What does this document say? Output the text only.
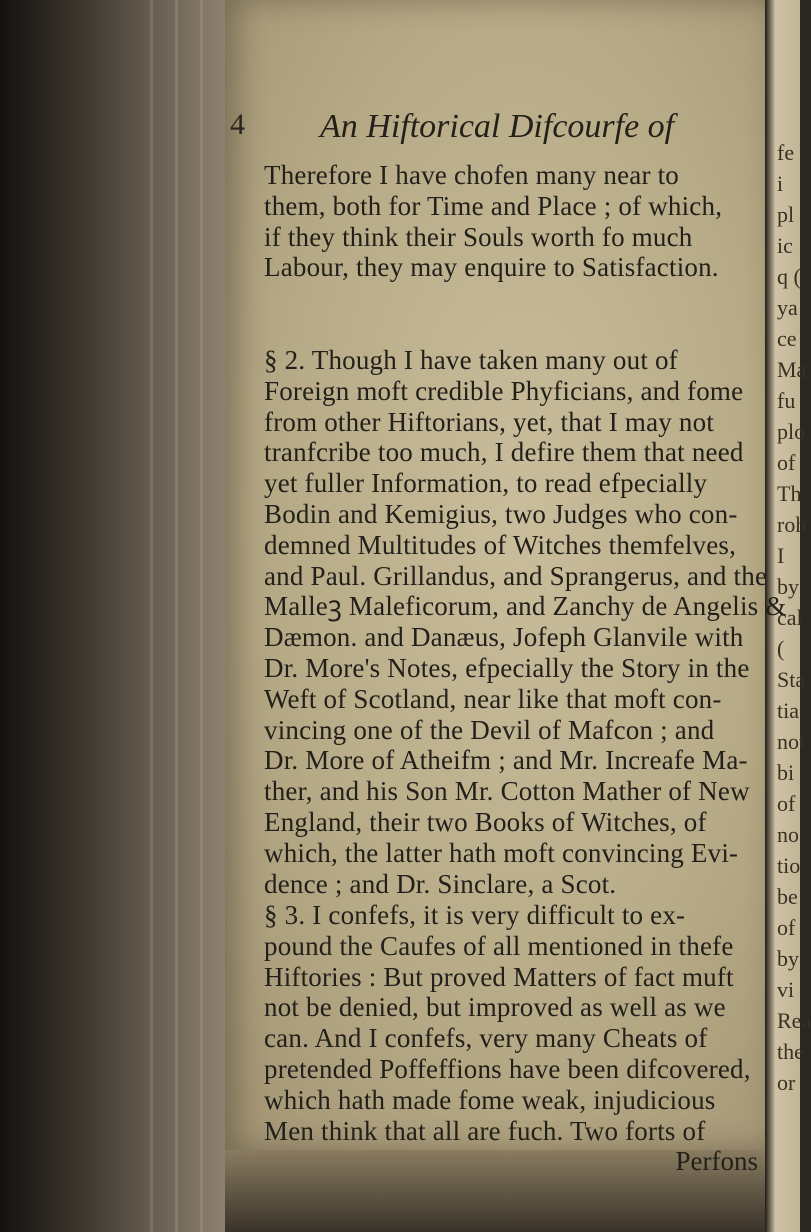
fe
i
pl
ic
q (
ya
ce
Ma
fu
plo
of
Th
roh
I
by
cal
(
Sta
tia
not
bi
of
no
tio
be
of
by
vi
Rea
the
or
4 An Hiftorical Difcourfe of
Therefore I have chofen many near to
them, both for Time and Place ; of which,
if they think their Souls worth fo much
Labour, they may enquire to Satisfaction.
§ 2. Though I have taken many out of
Foreign moft credible Phyficians, and fome
from other Hiftorians, yet, that I may not
tranfcribe too much, I defire them that need
yet fuller Information, to read efpecially
Bodin and Kemigius, two Judges who con-
demned Multitudes of Witches themfelves,
and Paul. Grillandus, and Sprangerus, and the
Malleꝫ Maleficorum, and Zanchy de Angelis &
Dæmon. and Danæus, Jofeph Glanvile with
Dr. More's Notes, efpecially the Story in the
Weft of Scotland, near like that moft con-
vincing one of the Devil of Mafcon ; and
Dr. More of Atheifm ; and Mr. Increafe Ma-
ther, and his Son Mr. Cotton Mather of New
England, their two Books of Witches, of
which, the latter hath moft convincing Evi-
dence ; and Dr. Sinclare, a Scot.
§ 3. I confefs, it is very difficult to ex-
pound the Caufes of all mentioned in thefe
Hiftories : But proved Matters of fact muft
not be denied, but improved as well as we
can. And I confefs, very many Cheats of
pretended Poffeffions have been difcovered,
which hath made fome weak, injudicious
Men think that all are fuch. Two forts of
Perfons
